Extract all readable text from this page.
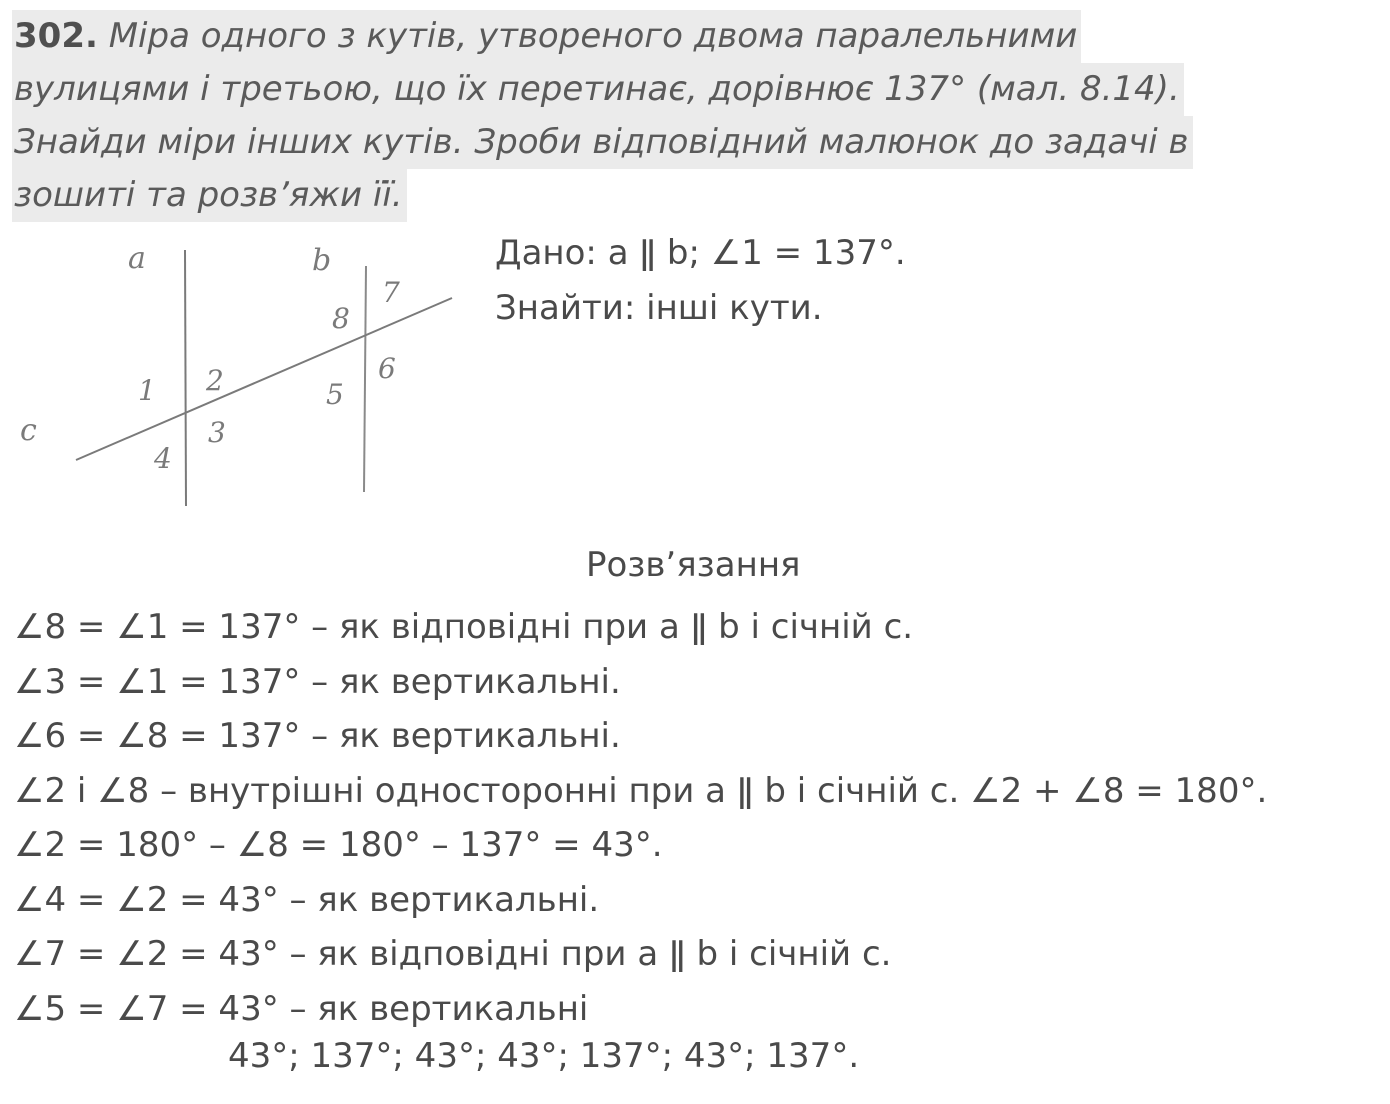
302. Міра одного з кутів, утвореного двома паралельними
вулицями і третьою, що їх перетинає, дорівнює 137° (мал. 8.14).
Знайди міри інших кутів. Зроби відповідний малюнок до задачі в
зошиті та розв’яжи її.
a	b
c
1 2
3
4
5
6
7
8
Дано: a ǁ b; ∠1 = 137°.
Знайти: інші кути.
Розв’язання
∠8 = ∠1 = 137° – як відповідні при a ǁ b і січній c.
∠3 = ∠1 = 137° – як вертикальні.
∠6 = ∠8 = 137° – як вертикальні.
∠2 і ∠8 – внутрішні односторонні при a ǁ b і січній c. ∠2 + ∠8 = 180°.
∠2 = 180° – ∠8 = 180° – 137° = 43°.
∠4 = ∠2 = 43° – як вертикальні.
∠7 = ∠2 = 43° – як відповідні при a ǁ b і січній c.
∠5 = ∠7 = 43° – як вертикальні
43°; 137°; 43°; 43°; 137°; 43°; 137°.
